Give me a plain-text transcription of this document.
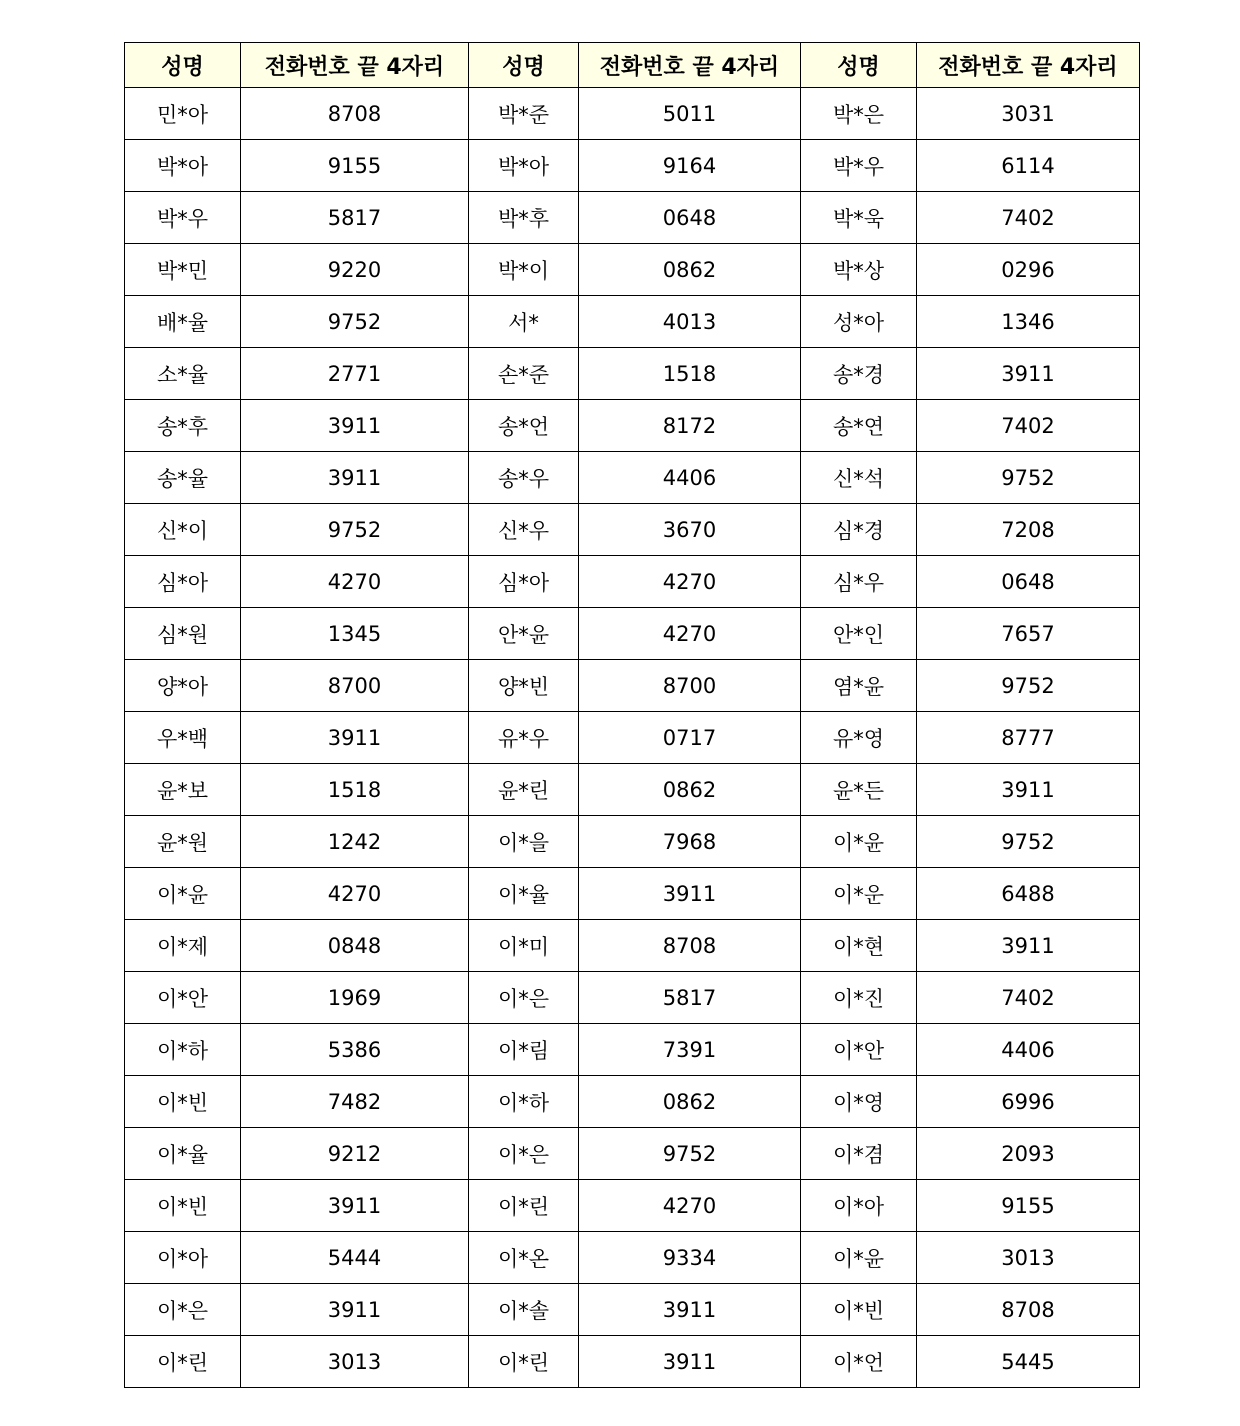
성명	전화번호 끝 4자리	성명	전화번호 끝 4자리	성명	전화번호 끝 4자리
민*아	8708	박*준	5011	박*은	3031
박*아	9155	박*아	9164	박*우	6114
박*우	5817	박*후	0648	박*욱	7402
박*민	9220	박*이	0862	박*상	0296
배*율	9752	서*	4013	성*아	1346
소*율	2771	손*준	1518	송*경	3911
송*후	3911	송*언	8172	송*연	7402
송*율	3911	송*우	4406	신*석	9752
신*이	9752	신*우	3670	심*경	7208
심*아	4270	심*아	4270	심*우	0648
심*원	1345	안*윤	4270	안*인	7657
양*아	8700	양*빈	8700	염*윤	9752
우*백	3911	유*우	0717	유*영	8777
윤*보	1518	윤*린	0862	윤*든	3911
윤*원	1242	이*을	7968	이*윤	9752
이*윤	4270	이*율	3911	이*운	6488
이*제	0848	이*미	8708	이*현	3911
이*안	1969	이*은	5817	이*진	7402
이*하	5386	이*림	7391	이*안	4406
이*빈	7482	이*하	0862	이*영	6996
이*율	9212	이*은	9752	이*겸	2093
이*빈	3911	이*린	4270	이*아	9155
이*아	5444	이*온	9334	이*윤	3013
이*은	3911	이*솔	3911	이*빈	8708
이*린	3013	이*린	3911	이*언	5445
